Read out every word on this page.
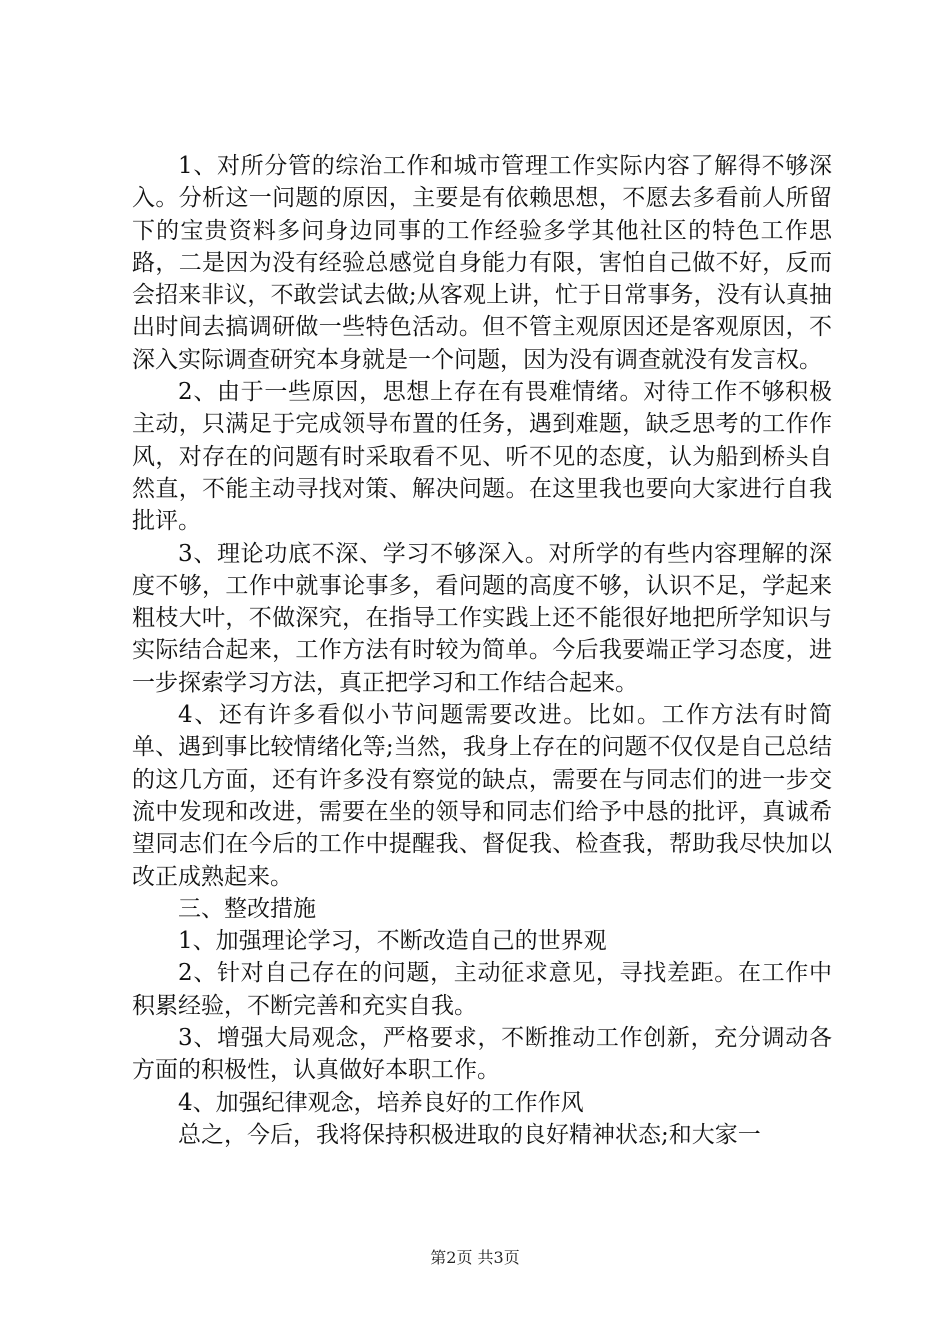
1、对所分管的综治工作和城市管理工作实际内容了解得不够深入。分析这一问题的原因，主要是有依赖思想，不愿去多看前人所留下的宝贵资料多问身边同事的工作经验多学其他社区的特色工作思路，二是因为没有经验总感觉自身能力有限，害怕自己做不好，反而会招来非议，不敢尝试去做;从客观上讲，忙于日常事务，没有认真抽出时间去搞调研做一些特色活动。但不管主观原因还是客观原因，不深入实际调查研究本身就是一个问题，因为没有调查就没有发言权。

2、由于一些原因，思想上存在有畏难情绪。对待工作不够积极主动，只满足于完成领导布置的任务，遇到难题，缺乏思考的工作作风，对存在的问题有时采取看不见、听不见的态度，认为船到桥头自然直，不能主动寻找对策、解决问题。在这里我也要向大家进行自我批评。

3、理论功底不深、学习不够深入。对所学的有些内容理解的深度不够，工作中就事论事多，看问题的高度不够，认识不足，学起来粗枝大叶，不做深究，在指导工作实践上还不能很好地把所学知识与实际结合起来，工作方法有时较为简单。今后我要端正学习态度，进一步探索学习方法，真正把学习和工作结合起来。

4、还有许多看似小节问题需要改进。比如。工作方法有时简单、遇到事比较情绪化等;当然，我身上存在的问题不仅仅是自己总结的这几方面，还有许多没有察觉的缺点，需要在与同志们的进一步交流中发现和改进，需要在坐的领导和同志们给予中恳的批评，真诚希望同志们在今后的工作中提醒我、督促我、检查我，帮助我尽快加以改正成熟起来。

三、整改措施

1、加强理论学习，不断改造自己的世界观

2、针对自己存在的问题，主动征求意见，寻找差距。在工作中积累经验，不断完善和充实自我。

3、增强大局观念，严格要求，不断推动工作创新，充分调动各方面的积极性，认真做好本职工作。

4、加强纪律观念，培养良好的工作作风

总之，今后，我将保持积极进取的良好精神状态;和大家一

第2页 共3页
